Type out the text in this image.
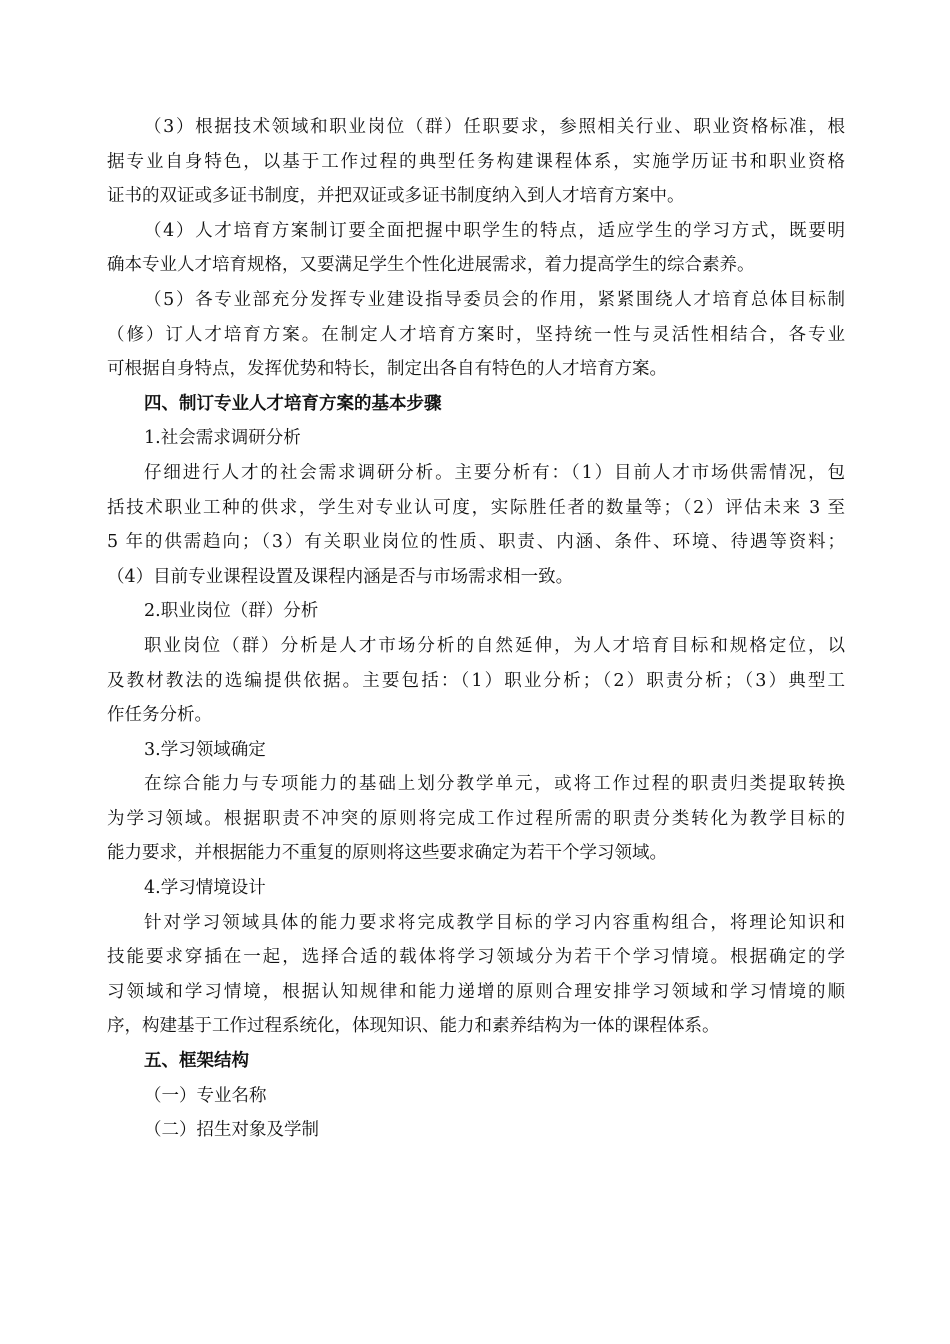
（3）根据技术领域和职业岗位（群）任职要求，参照相关行业、职业资格标准，根
据专业自身特色，以基于工作过程的典型任务构建课程体系，实施学历证书和职业资格
证书的双证或多证书制度，并把双证或多证书制度纳入到人才培育方案中。
（4）人才培育方案制订要全面把握中职学生的特点，适应学生的学习方式，既要明
确本专业人才培育规格，又要满足学生个性化进展需求，着力提高学生的综合素养。
（5）各专业部充分发挥专业建设指导委员会的作用，紧紧围绕人才培育总体目标制
（修）订人才培育方案。在制定人才培育方案时，坚持统一性与灵活性相结合，各专业
可根据自身特点，发挥优势和特长，制定出各自有特色的人才培育方案。
四、制订专业人才培育方案的基本步骤
1.社会需求调研分析
仔细进行人才的社会需求调研分析。主要分析有：（1）目前人才市场供需情况，包
括技术职业工种的供求，学生对专业认可度，实际胜任者的数量等；（2）评估未来 3 至
5 年的供需趋向；（3）有关职业岗位的性质、职责、内涵、条件、环境、待遇等资料；
（4）目前专业课程设置及课程内涵是否与市场需求相一致。
2.职业岗位（群）分析
职业岗位（群）分析是人才市场分析的自然延伸，为人才培育目标和规格定位，以
及教材教法的选编提供依据。主要包括：（1）职业分析；（2）职责分析；（3）典型工
作任务分析。
3.学习领域确定
在综合能力与专项能力的基础上划分教学单元，或将工作过程的职责归类提取转换
为学习领域。根据职责不冲突的原则将完成工作过程所需的职责分类转化为教学目标的
能力要求，并根据能力不重复的原则将这些要求确定为若干个学习领域。
4.学习情境设计
针对学习领域具体的能力要求将完成教学目标的学习内容重构组合，将理论知识和
技能要求穿插在一起，选择合适的载体将学习领域分为若干个学习情境。根据确定的学
习领域和学习情境，根据认知规律和能力递增的原则合理安排学习领域和学习情境的顺
序，构建基于工作过程系统化，体现知识、能力和素养结构为一体的课程体系。
五、框架结构
（一）专业名称
（二）招生对象及学制
